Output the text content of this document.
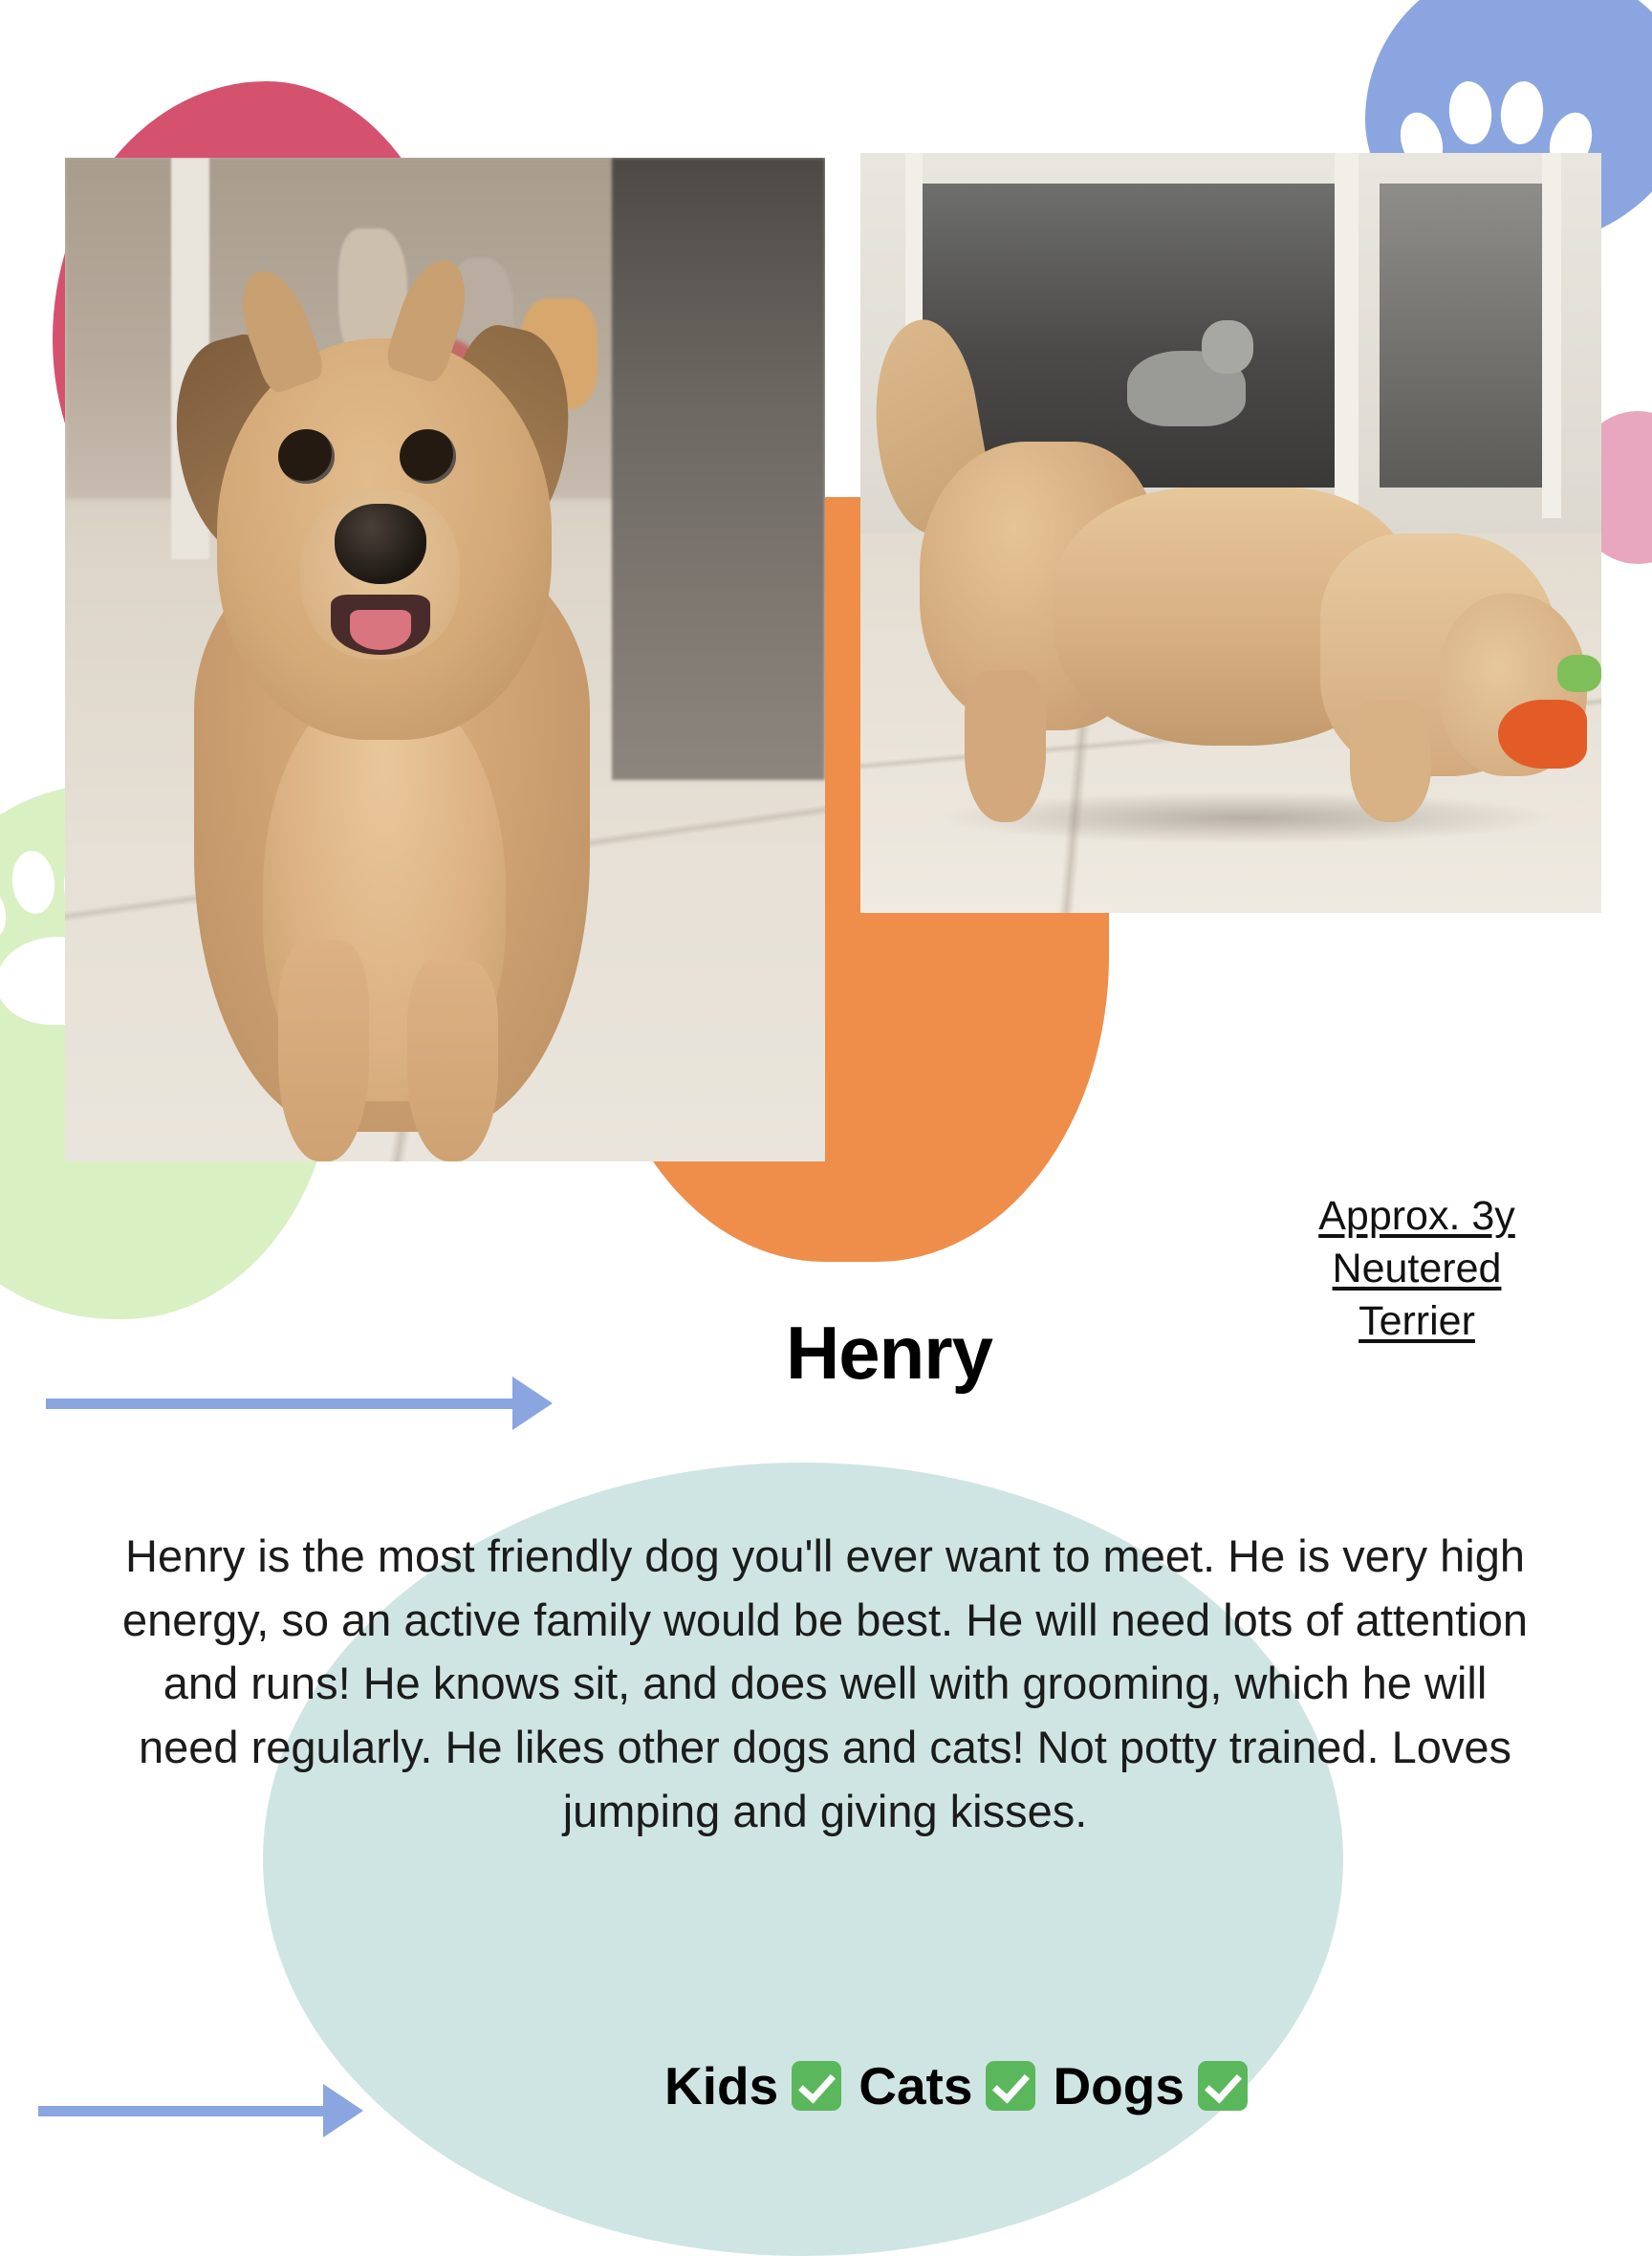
Henry
Approx. 3y
Neutered
Terrier
Henry is the most friendly dog you'll ever want to meet. He is very high energy, so an active family would be best. He will need lots of attention and runs! He knows sit, and does well with grooming, which he will need regularly. He likes other dogs and cats! Not potty trained. Loves jumping and giving kisses.
Kids Cats Dogs
